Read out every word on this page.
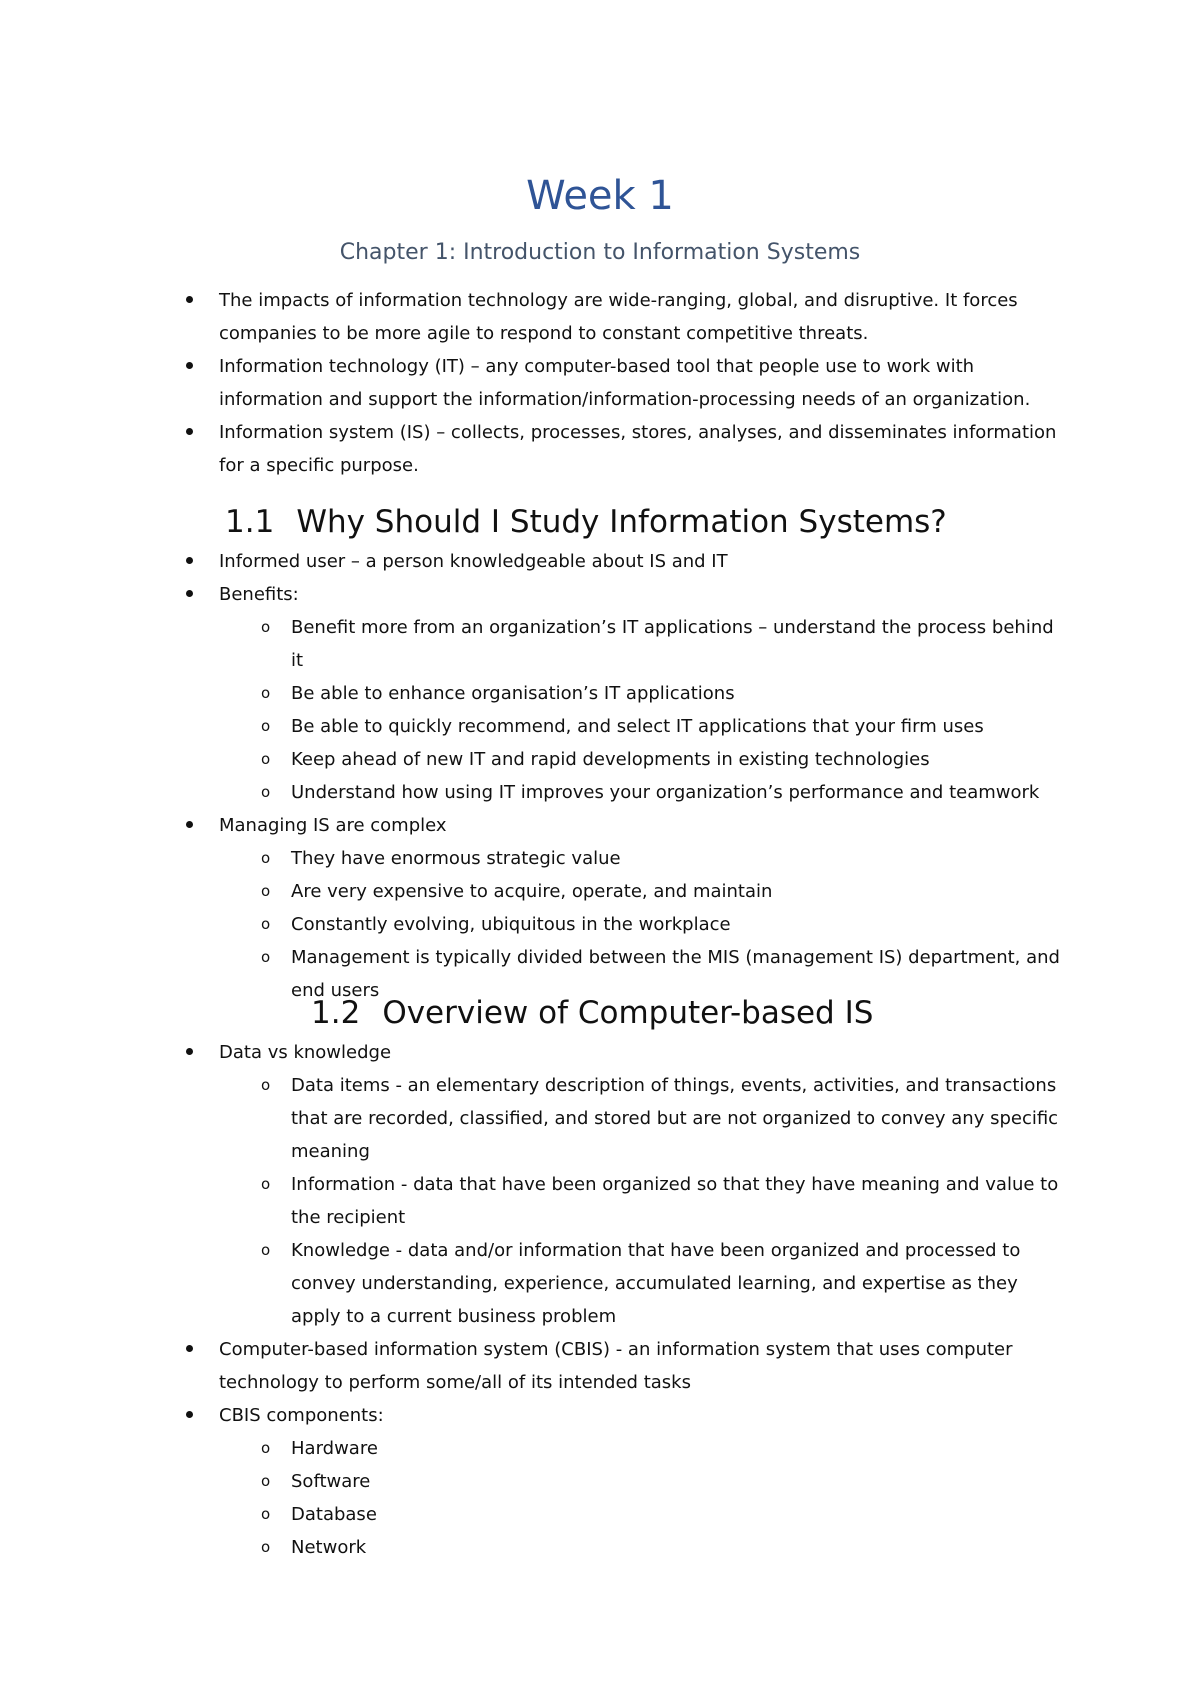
Week 1
Chapter 1: Introduction to Information Systems
The impacts of information technology are wide-ranging, global, and disruptive. It forces companies to be more agile to respond to constant competitive threats.
Information technology (IT) – any computer-based tool that people use to work with information and support the information/information-processing needs of an organization.
Information system (IS) – collects, processes, stores, analyses, and disseminates information for a specific purpose.
1.1 Why Should I Study Information Systems?
Informed user – a person knowledgeable about IS and IT
Benefits:
o Benefit more from an organization’s IT applications – understand the process behind it
o Be able to enhance organisation’s IT applications
o Be able to quickly recommend, and select IT applications that your firm uses
o Keep ahead of new IT and rapid developments in existing technologies
o Understand how using IT improves your organization’s performance and teamwork
Managing IS are complex
o They have enormous strategic value
o Are very expensive to acquire, operate, and maintain
o Constantly evolving, ubiquitous in the workplace
o Management is typically divided between the MIS (management IS) department, and end users
1.2 Overview of Computer-based IS
Data vs knowledge
o Data items - an elementary description of things, events, activities, and transactions that are recorded, classified, and stored but are not organized to convey any specific meaning
o Information - data that have been organized so that they have meaning and value to the recipient
o Knowledge - data and/or information that have been organized and processed to convey understanding, experience, accumulated learning, and expertise as they apply to a current business problem
Computer-based information system (CBIS) - an information system that uses computer technology to perform some/all of its intended tasks
CBIS components:
o Hardware
o Software
o Database
o Network
